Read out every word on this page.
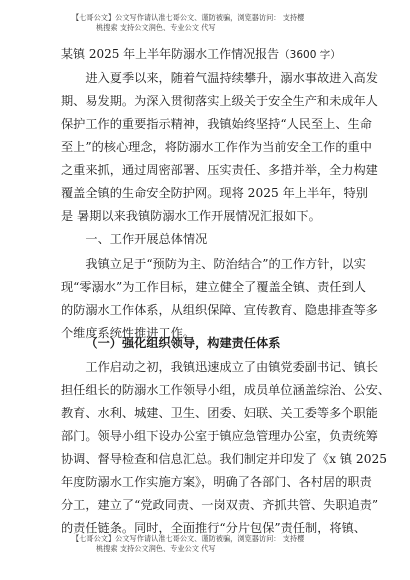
【七哥公文】公文写作请认准七哥公文、谨防被骗，浏览器访问： 支持樱
桃搜索 支持公文润色、专业公文 代写
某镇 2025 年上半年防溺水工作情况报告（3600 字）
进入夏季以来，随着气温持续攀升，溺水事故进入高发
期、易发期。为深入贯彻落实上级关于安全生产和未成年人
保护工作的重要指示精神，我镇始终坚持“人民至上、生命
至上”的核心理念，将防溺水工作作为当前安全工作的重中
之重来抓，通过周密部署、压实责任、多措并举，全力构建
覆盖全镇的生命安全防护网。现将 2025 年上半年，特别
是 暑期以来我镇防溺水工作开展情况汇报如下。
一、工作开展总体情况
我镇立足于“预防为主、防治结合”的工作方针，以实
现“零溺水”为工作目标，建立健全了覆盖全镇、责任到人
的防溺水工作体系，从组织保障、宣传教育、隐患排查等多
个维度系统性推进工作。
（一）强化组织领导，构建责任体系
工作启动之初，我镇迅速成立了由镇党委副书记、镇长
担任组长的防溺水工作领导小组，成员单位涵盖综治、公安、
教育、水利、城建、卫生、团委、妇联、关工委等多个职能
部门。领导小组下设办公室于镇应急管理办公室，负责统筹
协调、督导检查和信息汇总。我们制定并印发了《x 镇 2025
年度防溺水工作实施方案》，明确了各部门、各村居的职责
分工，建立了“党政同责、一岗双责、齐抓共管、失职追责”
的责任链条。同时，全面推行“分片包保”责任制，将镇、
【七哥公文】公文写作请认准七哥公文、谨防被骗，浏览器访问： 支持樱
桃搜索 支持公文润色、专业公文 代写
